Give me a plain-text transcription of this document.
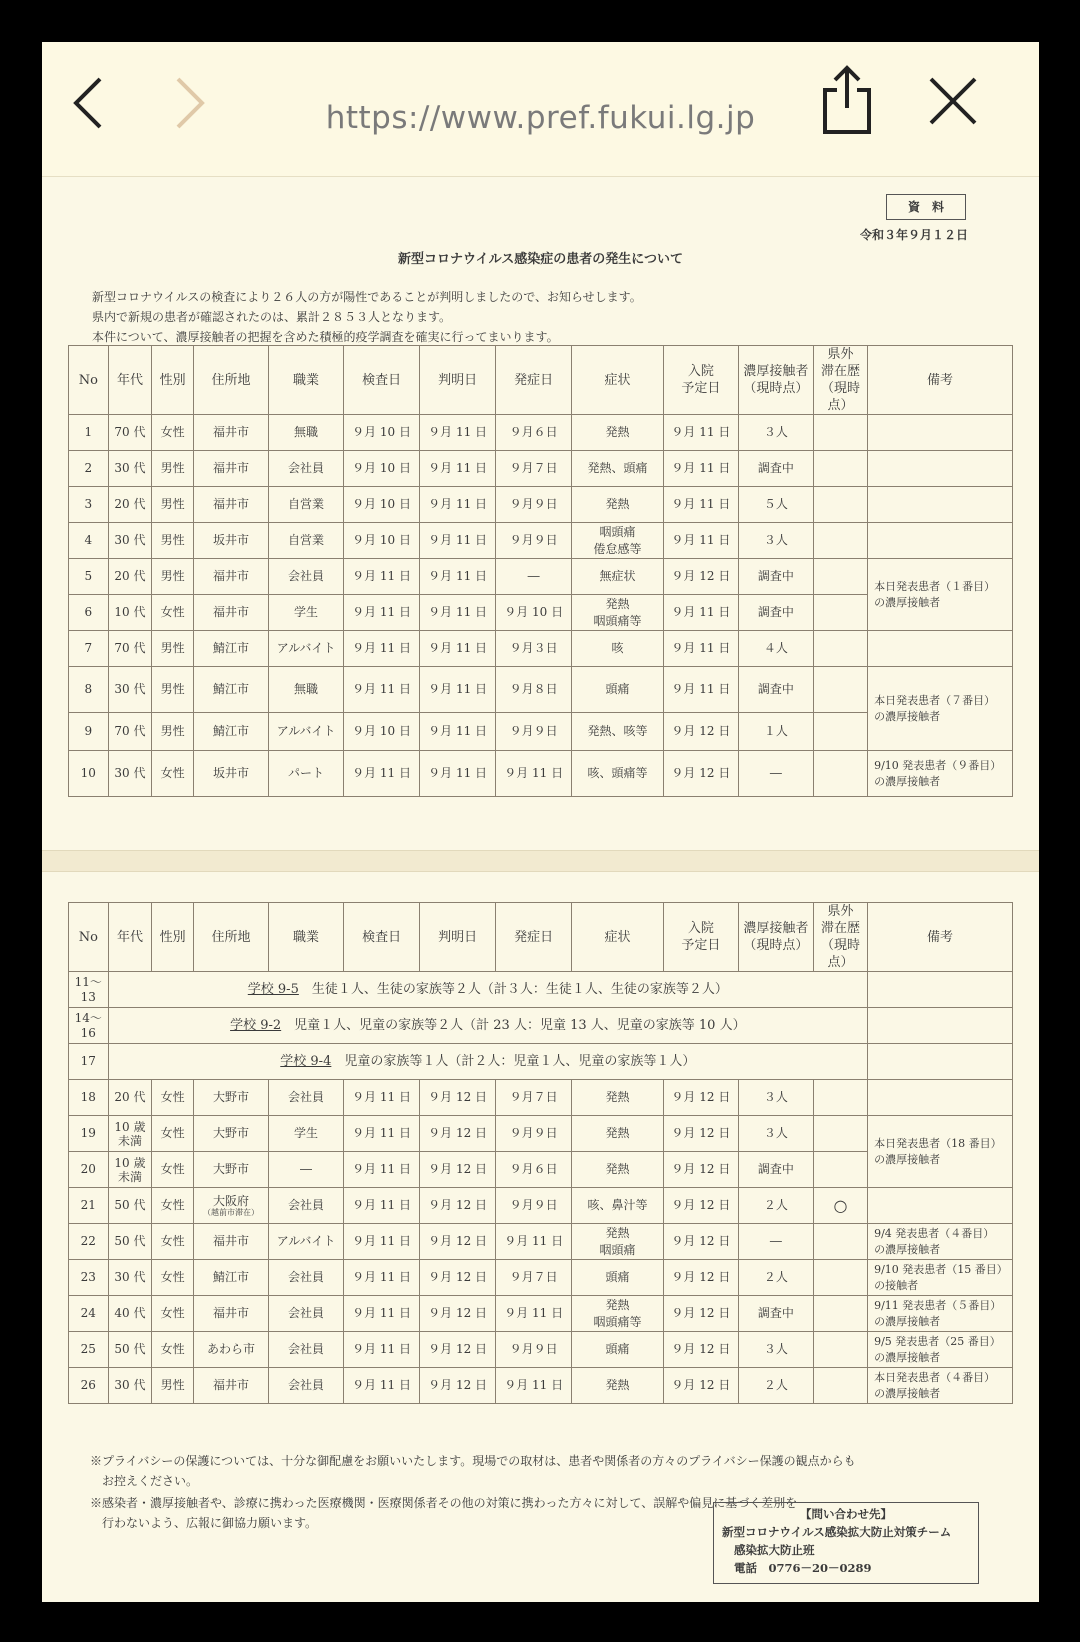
https://www.pref.fukui.lg.jp
資　料
令和３年９月１２日
新型コロナウイルス感染症の患者の発生について
新型コロナウイルスの検査により２６人の方が陽性であることが判明しましたので、お知らせします。
県内で新規の患者が確認されたのは、累計２８５３人となります。
本件について、濃厚接触者の把握を含めた積極的疫学調査を確実に行ってまいります。
No	年代	性別	住所地	職業	検査日	判明日	発症日	症状	入院
予定日	濃厚接触者
（現時点）	県外
滞在歴
（現時点）	備考
1	70 代	女性	福井市	無職	９月 10 日	９月 11 日	９月６日	発熱	９月 11 日	３人		
2	30 代	男性	福井市	会社員	９月 10 日	９月 11 日	９月７日	発熱、頭痛	９月 11 日	調査中		
3	20 代	男性	福井市	自営業	９月 10 日	９月 11 日	９月９日	発熱	９月 11 日	５人		
4	30 代	男性	坂井市	自営業	９月 10 日	９月 11 日	９月９日	咽頭痛
倦怠感等	９月 11 日	３人		
5	20 代	男性	福井市	会社員	９月 11 日	９月 11 日	―	無症状	９月 12 日	調査中		本日発表患者（１番目）
の濃厚接触者
6	10 代	女性	福井市	学生	９月 11 日	９月 11 日	９月 10 日	発熱
咽頭痛等	９月 11 日	調査中		
7	70 代	男性	鯖江市	アルバイト	９月 11 日	９月 11 日	９月３日	咳	９月 11 日	４人		
8	30 代	男性	鯖江市	無職	９月 11 日	９月 11 日	９月８日	頭痛	９月 11 日	調査中		本日発表患者（７番目）
の濃厚接触者
9	70 代	男性	鯖江市	アルバイト	９月 10 日	９月 11 日	９月９日	発熱、咳等	９月 12 日	１人		
10	30 代	女性	坂井市	パート	９月 11 日	９月 11 日	９月 11 日	咳、頭痛等	９月 12 日	―		9/10 発表患者（９番目）
の濃厚接触者
No	年代	性別	住所地	職業	検査日	判明日	発症日	症状	入院
予定日	濃厚接触者
（現時点）	県外
滞在歴
（現時点）	備考
11～
13	学校 9-5　生徒１人、生徒の家族等２人（計３人：生徒１人、生徒の家族等２人）											
14～
16	学校 9-2　児童１人、児童の家族等２人（計 23 人：児童 13 人、児童の家族等 10 人）											
17	学校 9-4　児童の家族等１人（計２人：児童１人、児童の家族等１人）											
18	20 代	女性	大野市	会社員	９月 11 日	９月 12 日	９月７日	発熱	９月 12 日	３人		
19	10 歳
未満	女性	大野市	学生	９月 11 日	９月 12 日	９月９日	発熱	９月 12 日	３人		本日発表患者（18 番目）
の濃厚接触者
20	10 歳
未満	女性	大野市	―	９月 11 日	９月 12 日	９月６日	発熱	９月 12 日	調査中		
21	50 代	女性	大阪府
（越前市滞在）	会社員	９月 11 日	９月 12 日	９月９日	咳、鼻汁等	９月 12 日	２人	○	
22	50 代	女性	福井市	アルバイト	９月 11 日	９月 12 日	９月 11 日	発熱
咽頭痛	９月 12 日	―		9/4 発表患者（４番目）
の濃厚接触者
23	30 代	女性	鯖江市	会社員	９月 11 日	９月 12 日	９月７日	頭痛	９月 12 日	２人		9/10 発表患者（15 番目）
の接触者
24	40 代	女性	福井市	会社員	９月 11 日	９月 12 日	９月 11 日	発熱
咽頭痛等	９月 12 日	調査中		9/11 発表患者（５番目）
の濃厚接触者
25	50 代	女性	あわら市	会社員	９月 11 日	９月 12 日	９月９日	頭痛	９月 12 日	３人		9/5 発表患者（25 番目）
の濃厚接触者
26	30 代	男性	福井市	会社員	９月 11 日	９月 12 日	９月 11 日	発熱	９月 12 日	２人		本日発表患者（４番目）
の濃厚接触者
※プライバシーの保護については、十分な御配慮をお願いいたします。現場での取材は、患者や関係者の方々のプライバシー保護の観点からも
　お控えください。
※感染者・濃厚接触者や、診療に携わった医療機関・医療関係者その他の対策に携わった方々に対して、誤解や偏見に基づく差別を
　行わないよう、広報に御協力願います。
【問い合わせ先】
新型コロナウイルス感染拡大防止対策チーム
感染拡大防止班
電話　0776－20－0289
